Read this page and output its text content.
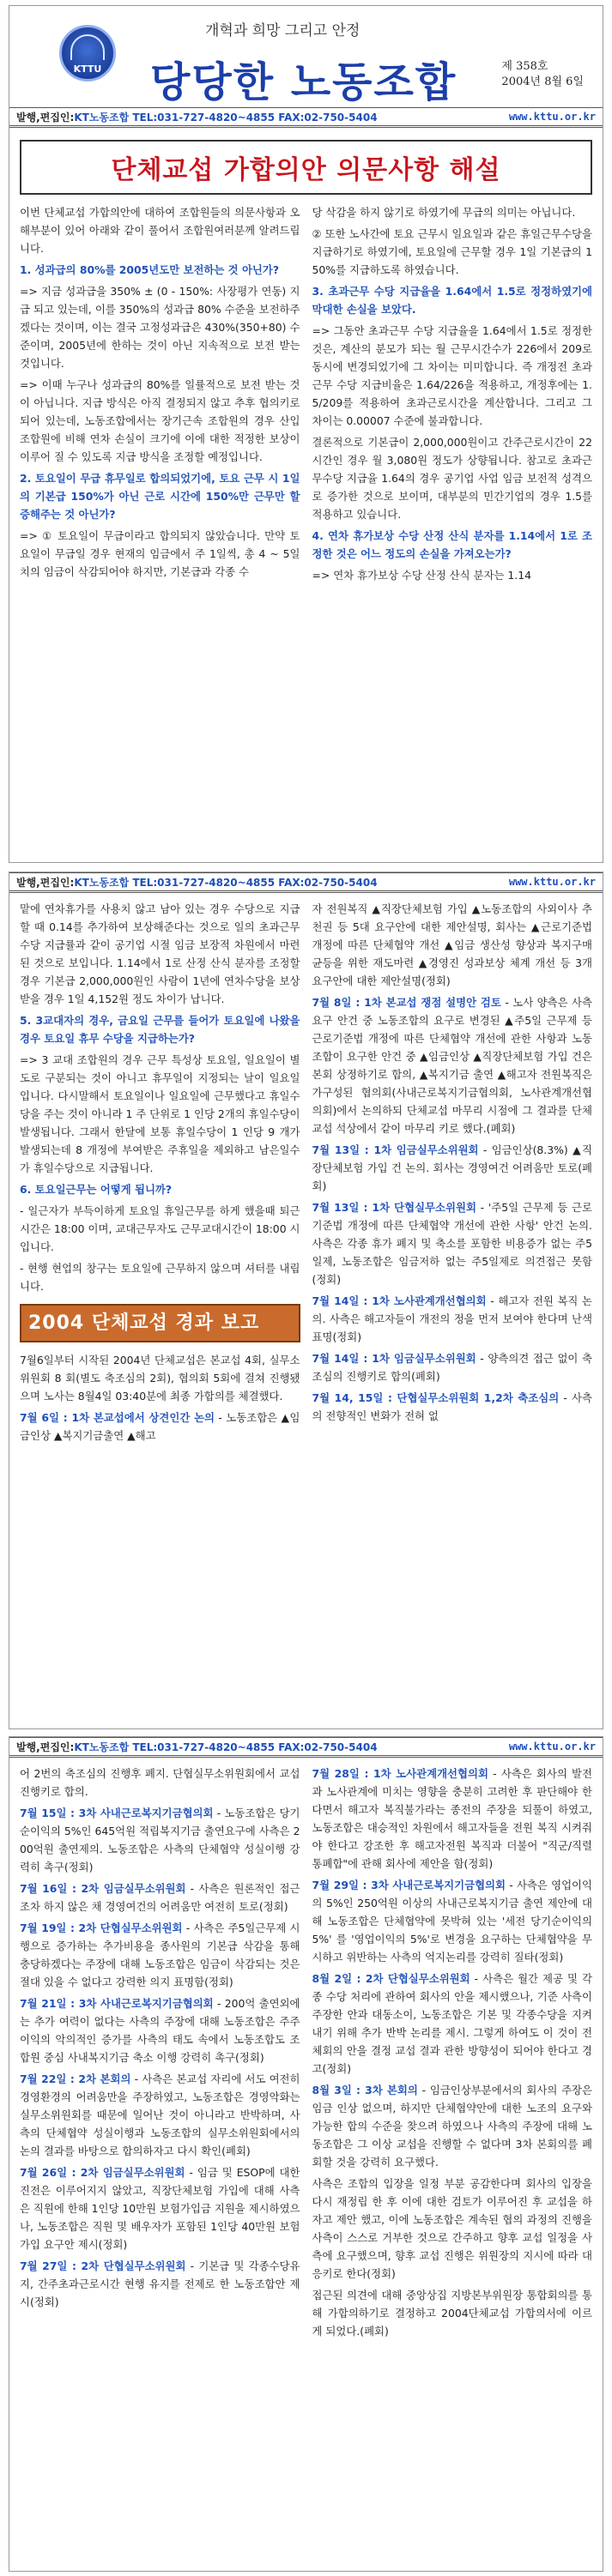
KTTU
개혁과 희망 그리고 안정
당당한 노동조합	제 358호
2004년 8월 6일
발행,편집인: KT노동조합 TEL:031-727-4820~4855 FAX:02-750-5404	www.kttu.or.kr
단체교섭 가합의안 의문사항 해설

이번 단체교섭 가합의안에 대하여 조합원들의 의문사항과 오해부분이 있어 아래와 같이 풀어서 조합원여러분께 알려드립니다.

1. 성과급의 80%를 2005년도만 보전하는 것 아닌가?

=> 지금 성과급을 350% ± (0 - 150%: 사장평가 연동) 지급 되고 있는데, 이를 350%의 성과급 80% 수준을 보전하주겠다는 것이며, 이는 결국 고정성과급은 430%(350+80) 수준이며, 2005년에 한하는 것이 아닌 지속적으로 보전 받는 것입니다.

=> 이때 누구나 성과급의 80%를 일률적으로 보전 받는 것이 아닙니다. 지급 방식은 아직 결정되지 않고 추후 협의키로 되어 있는데, 노동조합에서는 장기근속 조합원의 경우 산입조합원에 비해 연차 손실이 크기에 이에 대한 적정한 보상이 이루어 질 수 있도록 지급 방식을 조정할 예정입니다.

2. 토요일이 무급 휴무일로 합의되었기에, 토요 근무 시 1일의 기본급 150%가 아닌 근로 시간에 150%만 근무만 할증해주는 것 아닌가?

=> ① 토요일이 무급이라고 합의되지 않았습니다. 만약 토요일이 무급일 경우 현재의 임금에서 주 1일씩, 총 4 ~ 5일치의 임금이 삭감되어야 하지만, 기본급과 각종 수

당 삭감을 하지 않기로 하였기에 무급의 의미는 아닙니다.

② 또한 노사간에 토요 근무시 일요일과 같은 휴일근무수당을 지급하기로 하였기에, 토요일에 근무할 경우 1일 기본급의 150%를 지급하도록 하였습니다.

3. 초과근무 수당 지급율을 1.64에서 1.5로 정정하였기에 막대한 손실을 보았다.

=> 그동안 초과근무 수당 지급율을 1.64에서 1.5로 정정한 것은, 계산의 분모가 되는 월 근무시간수가 226에서 209로 동시에 변경되었기에 그 차이는 미미합니다. 즉 개정전 초과근무 수당 지급비율은 1.64/226을 적용하고, 개정후에는 1.5/209를 적용하여 초과근로시간을 계산합니다. 그리고 그 차이는 0.00007 수준에 불과합니다.

결론적으로 기본급이 2,000,000원이고 간주근로시간이 22시간인 경우 월 3,080원 정도가 상향됩니다. 참고로 초과근무수당 지급율 1.64의 경우 공기업 사업 임금 보전적 성격으로 증가한 것으로 보이며, 대부분의 민간기업의 경우 1.5를 적용하고 있습니다.

4. 연차 휴가보상 수당 산정 산식 분자를 1.14에서 1로 조정한 것은 어느 정도의 손실을 가져오는가?

=> 연차 휴가보상 수당 산정 산식 분자는 1.14

발행,편집인: KT노동조합 TEL:031-727-4820~4855 FAX:02-750-5404	www.kttu.or.kr

맡에 연차휴가를 사용치 않고 남아 있는 경우 수당으로 지급할 때 0.14를 추가하여 보상해준다는 것으로 일의 초과근무수당 지급률과 같이 공기업 시절 임금 보장적 차원에서 마련된 것으로 보입니다. 1.14에서 1로 산정 산식 분자를 조정할 경우 기본급 2,000,000원인 사람이 1년에 연차수당을 보상 받을 경우 1일 4,152원 정도 차이가 납니다.

5. 3교대자의 경우, 금요일 근무를 들어가 토요일에 나왔을 경우 토요일 휴무 수당을 지급하는가?

=> 3 교대 조합원의 경우 근무 특성상 토요일, 일요일이 별도로 구분되는 것이 아니고 휴무일이 지정되는 날이 일요일입니다. 다시말해서 토요일이나 일요일에 근무했다고 휴일수당을 주는 것이 아니라 1 주 단위로 1 인당 2개의 휴일수당이 발생됩니다. 그래서 한달에 보통 휴일수당이 1 인당 9 개가 발생되는데 8 개정에 부여받은 주휴일을 제외하고 남은일수가 휴일수당으로 지급됩니다.

6. 토요일근무는 어떻게 됩니까?

- 일근자가 부득이하게 토요일 휴일근무를 하게 했을때 퇴근시간은 18:00 이며, 교대근무자도 근무교대시간이 18:00 시 입니다.

- 현행 현업의 창구는 토요일에 근무하지 않으며 셔터를 내립니다.

2004 단체교섭 경과 보고

7월6일부터 시작된 2004년 단체교섭은 본교섭 4회, 실무소위원회 8 회(별도 축조심의 2회), 협의회 5회에 걸쳐 진행됐으며 노사는 8월4일 03:40분에 최종 가합의를 체결했다.

7월 6일 : 1차 본교섭에서 상견인간 논의 - 노동조합은 ▲임금인상 ▲복지기금출연 ▲해고

자 전원복직 ▲직장단체보험 가입 ▲노동조합의 사외이사 추천권 등 5대 요구안에 대한 제안설명, 회사는 ▲근로기준법 개정에 따른 단체협약 개선 ▲임금 생산성 향상과 복지구매 균등을 위한 재도마련 ▲경영진 성과보상 체계 개선 등 3개 요구안에 대한 제안설명(정회)

7월 8일 : 1차 본교섭 쟁점 설명안 검토 - 노사 양측은 사측 요구 안건 중 노동조합의 요구로 변경된 ▲주5일 근무제 등 근로기준법 개정에 따른 단체협약 개선에 관한 사항과 노동조합이 요구한 안건 중 ▲임금인상 ▲직장단체보험 가입 건은 본회 상정하기로 합의, ▲복지기금 출연 ▲해고자 전원복직은 가구성된 협의회(사내근로복지기금협의회, 노사관계개선협의회)에서 논의하되 단체교섭 마무리 시점에 그 결과를 단체교섭 석상에서 같이 마무리 키로 했다.(폐회)

7월 13일 : 1차 임금실무소위원회 - 임금인상(8.3%) ▲직장단체보험 가입 건 논의. 회사는 경영여건 어려움만 토로(폐회)

7월 13일 : 1차 단협실무소위원회 - '주5일 근무제 등 근로기준법 개정에 따른 단체협약 개선에 관한 사항' 안건 논의. 사측은 각종 휴가 폐지 및 축소를 포함한 비용증가 없는 주5일제, 노동조합은 임금저하 없는 주5일제로 의견접근 못함(정회)

7월 14일 : 1차 노사관계개선협의회 - 해고자 전원 복직 논의. 사측은 해고자들이 개전의 정을 먼저 보여야 한다며 난색표명(정회)

7월 14일 : 1차 임금실무소위원회 - 양측의견 접근 없이 축조심의 진행키로 합의(폐회)

7월 14, 15일 : 단협실무소위원회 1,2차 축조심의 - 사측의 전향적인 변화가 전혀 없

발행,편집인: KT노동조합 TEL:031-727-4820~4855 FAX:02-750-5404	www.kttu.or.kr

어 2번의 축조심의 진행후 폐지. 단협실무소위원회에서 교섭 진행키로 합의.

7월 15일 : 3차 사내근로복지기금협의회 - 노동조합은 당기순이익의 5%인 645억원 적립복지기금 출연요구에 사측은 200억원 출연제의. 노동조합은 사측의 단체협약 성실이행 강력히 촉구(정회)

7월 16일 : 2차 임금실무소위원회 - 사측은 원론적인 접근조차 하지 않은 채 경영여건의 어려움만 여전히 토로(정회)

7월 19일 : 2차 단협실무소위원회 - 사측은 주5일근무제 시행으로 증가하는 추가비용을 종사원의 기본급 삭감을 통해 충당하겠다는 주장에 대해 노동조합은 임금이 삭감되는 것은 절대 있을 수 없다고 강력한 의지 표명함(정회)

7월 21일 : 3차 사내근로복지기금협의회 - 200억 출연외에는 추가 여력이 없다는 사측의 주장에 대해 노동조합은 주주이익의 악의적인 증가를 사측의 태도 속에서 노동조합도 조합원 중심 사내복지기금 축소 이행 강력히 촉구(정회)

7월 22일 : 2차 본회의 - 사측은 본교섭 자리에 서도 여전히 경영환경의 어려움만을 주장하였고, 노동조합은 경영악화는 실무소위원회를 때문에 일어난 것이 아니라고 반박하며, 사측의 단체협약 성실이행과 노동조합의 실무소위원회에서의 논의 결과를 바탕으로 합의하자고 다시 확인(폐회)

7월 26일 : 2차 임금실무소위원회 - 임금 및 ESOP에 대한 진전은 이루어지지 않았고, 직장단체보험 가입에 대해 사측은 직원에 한해 1인당 10만원 보험가입금 지원을 제시하였으나, 노동조합은 직원 및 배우자가 포함된 1인당 40만원 보험가입 요구안 제시(정회)

7월 27일 : 2차 단협실무소위원회 - 기본급 및 각종수당유지, 간주초과근로시간 현행 유지를 전제로 한 노동조합안 제시(정회)

7월 28일 : 1차 노사관계개선협의회 - 사측은 회사의 발전과 노사관계에 미치는 영향을 충분히 고려한 후 판단해야 한다면서 해고자 복직불가라는 종전의 주장을 되풀이 하였고, 노동조합은 대승적인 차원에서 해고자들을 전원 복직 시켜줘야 한다고 강조한 후 해고자전원 복직과 더불어 "직군/직렬 통폐합"에 관해 회사에 제안을 함(정회)

7월 29일 : 3차 사내근로복지기금협의회 - 사측은 영업이익의 5%인 250억원 이상의 사내근로복지기금 출연 제안에 대해 노동조합은 단체협약에 못박혀 있는 '세전 당기순이익의 5%' 를 '영업이익의 5%'로 변경을 요구하는 단체협약을 무시하고 위반하는 사측의 억지논리를 강력히 질타(정회)

8월 2일 : 2차 단협실무소위원회 - 사측은 월간 제공 및 각종 수당 처리에 관하여 회사의 안을 제시했으나, 기준 사측이 주장한 안과 대동소이, 노동조합은 기본 및 각종수당을 지켜내기 위해 추가 반박 논리를 제시. 그렇게 하여도 이 것이 전체회의 안을 결정 교섭 결과 관한 방향성이 되어야 한다고 경고(정회)

8월 3일 : 3차 본회의 - 임금인상부분에서의 회사의 주장은 임금 인상 없으며, 하지만 단체협약안에 대한 노조의 요구와 가능한 합의 수준을 찾으려 하였으나 사측의 주장에 대해 노동조합은 그 이상 교섭을 진행할 수 없다며 3차 본회의를 폐회할 것을 강력히 요구했다.

사측은 조합의 입장을 일정 부분 공감한다며 회사의 입장을 다시 재정립 한 후 이에 대한 검토가 이루어진 후 교섭을 하자고 제안 했고, 이에 노동조합은 계속된 협의 과정의 진행을 사측이 스스로 거부한 것으로 간주하고 향후 교섭 일정을 사측에 요구했으며, 향후 교섭 진행은 위원장의 지시에 따라 대응키로 한다(정회)

접근된 의견에 대해 중앙상집 지방본부위원장 통합회의를 통해 가합의하기로 결정하고 2004단체교섭 가합의서에 이르게 되었다.(폐회)
